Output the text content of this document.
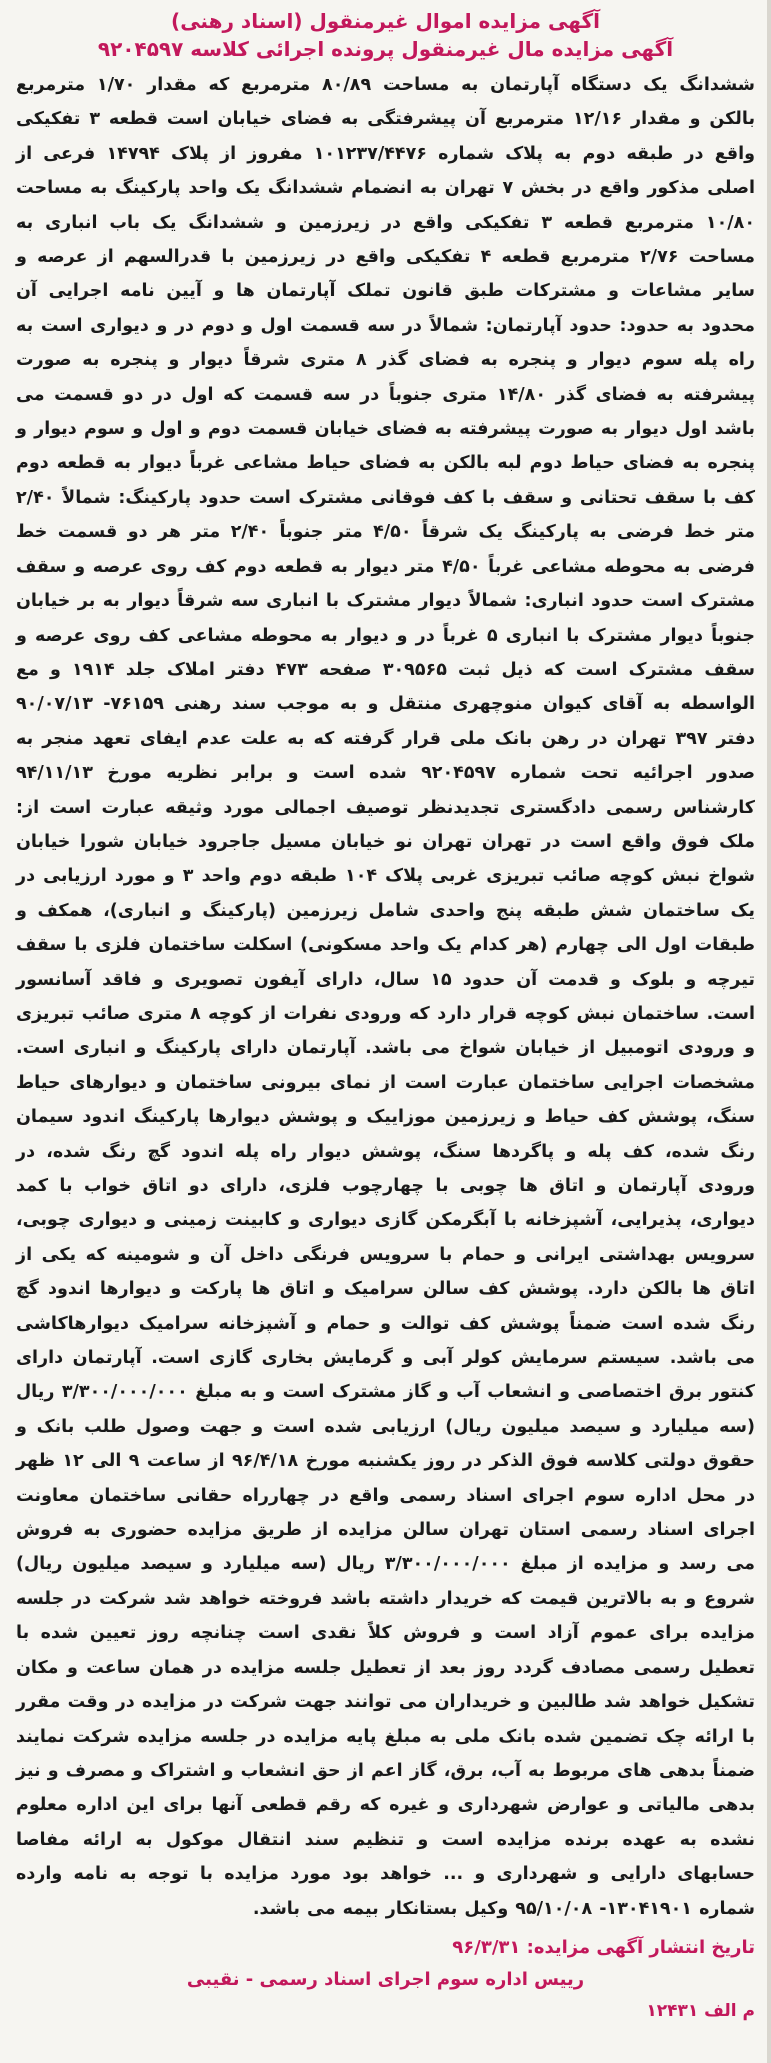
آگهی مزایده اموال غیرمنقول (اسناد رهنی)
آگهی مزایده مال غیرمنقول پرونده اجرائی کلاسه ۹۲۰۴۵۹۷

ششدانگ یک دستگاه آپارتمان به مساحت ۸۰/۸۹ مترمربع که مقدار ۱/۷۰ مترمربع بالکن و مقدار ۱۲/۱۶ مترمربع آن پیشرفتگی به فضای خیابان است قطعه ۳ تفکیکی واقع در طبقه دوم به پلاک شماره ۱۰۱۲۳۷/۴۴۷۶ مفروز از پلاک ۱۴۷۹۴ فرعی از اصلی مذکور واقع در بخش ۷ تهران به انضمام ششدانگ یک واحد پارکینگ به مساحت ۱۰/۸۰ مترمربع قطعه ۳ تفکیکی واقع در زیرزمین و ششدانگ یک باب انباری به مساحت ۲/۷۶ مترمربع قطعه ۴ تفکیکی واقع در زیرزمین با قدرالسهم از عرصه و سایر مشاعات و مشترکات طبق قانون تملک آپارتمان ها و آیین نامه اجرایی آن محدود به حدود: حدود آپارتمان: شمالاً در سه قسمت اول و دوم در و دیواری است به راه پله سوم دیوار و پنجره به فضای گذر ۸ متری شرقاً دیوار و پنجره به صورت پیشرفته به فضای گذر ۱۴/۸۰ متری جنوباً در سه قسمت که اول در دو قسمت می باشد اول دیوار به صورت پیشرفته به فضای خیابان قسمت دوم و اول و سوم دیوار و پنجره به فضای حیاط دوم لبه بالکن به فضای حیاط مشاعی غرباً دیوار به قطعه دوم کف با سقف تحتانی و سقف با کف فوقانی مشترک است حدود پارکینگ: شمالاً ۲/۴۰ متر خط فرضی به پارکینگ یک شرقاً ۴/۵۰ متر جنوباً ۲/۴۰ متر هر دو قسمت خط فرضی به محوطه مشاعی غرباً ۴/۵۰ متر دیوار به قطعه دوم کف روی عرصه و سقف مشترک است حدود انباری: شمالاً دیوار مشترک با انباری سه شرقاً دیوار به بر خیابان جنوباً دیوار مشترک با انباری ۵ غرباً در و دیوار به محوطه مشاعی کف روی عرصه و سقف مشترک است که ذیل ثبت ۳۰۹۵۶۵ صفحه ۴۷۳ دفتر املاک جلد ۱۹۱۴ و مع الواسطه به آقای کیوان منوچهری منتقل و به موجب سند رهنی ۷۶۱۵۹- ۹۰/۰۷/۱۳ دفتر ۳۹۷ تهران در رهن بانک ملی قرار گرفته که به علت عدم ایفای تعهد منجر به صدور اجرائیه تحت شماره ۹۲۰۴۵۹۷ شده است و برابر نظریه مورخ ۹۴/۱۱/۱۳ کارشناس رسمی دادگستری تجدیدنظر توصیف اجمالی مورد وثیقه عبارت است از: ملک فوق واقع است در تهران تهران نو خیابان مسیل جاجرود خیابان شورا خیابان شواخ نبش کوچه صائب تبریزی غربی پلاک ۱۰۴ طبقه دوم واحد ۳ و مورد ارزیابی در یک ساختمان شش طبقه پنج واحدی شامل زیرزمین (پارکینگ و انباری)، همکف و طبقات اول الی چهارم (هر کدام یک واحد مسکونی) اسکلت ساختمان فلزی با سقف تیرچه و بلوک و قدمت آن حدود ۱۵ سال، دارای آیفون تصویری و فاقد آسانسور است. ساختمان نبش کوچه قرار دارد که ورودی نفرات از کوچه ۸ متری صائب تبریزی و ورودی اتومبیل از خیابان شواخ می باشد. آپارتمان دارای پارکینگ و انباری است. مشخصات اجرایی ساختمان عبارت است از نمای بیرونی ساختمان و دیوارهای حیاط سنگ، پوشش کف حیاط و زیرزمین موزاییک و پوشش دیوارها پارکینگ اندود سیمان رنگ شده، کف پله و پاگردها سنگ، پوشش دیوار راه پله اندود گچ رنگ شده، در ورودی آپارتمان و اتاق ها چوبی با چهارچوب فلزی، دارای دو اتاق خواب با کمد دیواری، پذیرایی، آشپزخانه با آبگرمکن گازی دیواری و کابینت زمینی و دیواری چوبی، سرویس بهداشتی ایرانی و حمام با سرویس فرنگی داخل آن و شومینه که یکی از اتاق ها بالکن دارد. پوشش کف سالن سرامیک و اتاق ها پارکت و دیوارها اندود گچ رنگ شده است ضمناً پوشش کف توالت و حمام و آشپزخانه سرامیک دیوارهاکاشی می باشد. سیستم سرمایش کولر آبی و گرمایش بخاری گازی است. آپارتمان دارای کنتور برق اختصاصی و انشعاب آب و گاز مشترک است و به مبلغ ۳/۳۰۰/۰۰۰/۰۰۰ ریال (سه میلیارد و سیصد میلیون ریال) ارزیابی شده است و جهت وصول طلب بانک و حقوق دولتی کلاسه فوق الذکر در روز یکشنبه مورخ ۹۶/۴/۱۸ از ساعت ۹ الی ۱۲ ظهر در محل اداره سوم اجرای اسناد رسمی واقع در چهارراه حقانی ساختمان معاونت اجرای اسناد رسمی استان تهران سالن مزایده از طریق مزایده حضوری به فروش می رسد و مزایده از مبلغ ۳/۳۰۰/۰۰۰/۰۰۰ ریال (سه میلیارد و سیصد میلیون ریال) شروع و به بالاترین قیمت که خریدار داشته باشد فروخته خواهد شد شرکت در جلسه مزایده برای عموم آزاد است و فروش کلاً نقدی است چنانچه روز تعیین شده با تعطیل رسمی مصادف گردد روز بعد از تعطیل جلسه مزایده در همان ساعت و مکان تشکیل خواهد شد طالبین و خریداران می توانند جهت شرکت در مزایده در وقت مقرر با ارائه چک تضمین شده بانک ملی به مبلغ پایه مزایده در جلسه مزایده شرکت نمایند ضمناً بدهی های مربوط به آب، برق، گاز اعم از حق انشعاب و اشتراک و مصرف و نیز بدهی مالیاتی و عوارض شهرداری و غیره که رقم قطعی آنها برای این اداره معلوم نشده به عهده برنده مزایده است و تنظیم سند انتقال موکول به ارائه مفاصا حسابهای دارایی و شهرداری و ... خواهد بود مورد مزایده با توجه به نامه وارده شماره ۱۳۰۴۱۹۰۱- ۹۵/۱۰/۰۸ وکیل بستانکار بیمه می باشد.

تاریخ انتشار آگهی مزایده: ۹۶/۳/۳۱

رییس اداره سوم اجرای اسناد رسمی - نقیبی

م الف ۱۲۴۳۱
